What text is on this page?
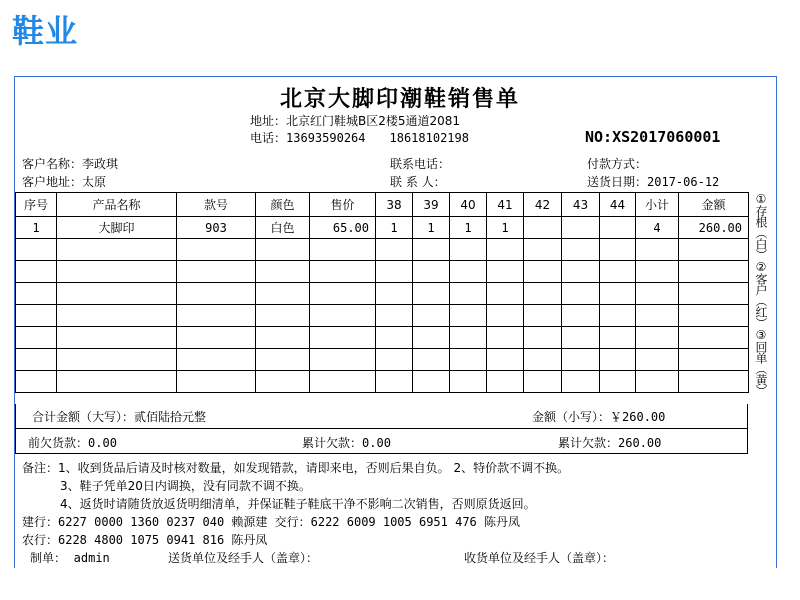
鞋业
北京大脚印潮鞋销售单
地址：北京红门鞋城B区2楼5通道2081
电话：13693590264 18618102198	NO:XS2017060001
客户名称：李政琪
客户地址：太原
联系电话：
联 系 人：
付款方式：
送货日期：2017-06-12
序号	产品名称	款号	颜色	售价	38	39	40	41	42	43	44	小计	金额
1	大脚印	903	白色	65.00	1	1	1	1				4	260.00

													①存根（白）
②客户（红）
③回单（黄）
合计金额（大写）：贰佰陆拾元整	金额（小写）：￥260.00
前欠货款：0.00	累计欠款：0.00	累计欠款：260.00
备注：1、收到货品后请及时核对数量，如发现错款，请即来电，否则后果自负。 2、特价款不调不换。
3、鞋子凭单20日内调换，没有同款不调不换。
4、返货时请随货放返货明细清单，并保证鞋子鞋底干净不影响二次销售，否则原货返回。
建行：6227 0000 1360 0237 040 赖源建 交行：6222 6009 1005 6951 476 陈丹凤
农行：6228 4800 1075 0941 816 陈丹凤
制单： admin	送货单位及经手人（盖章）：	收货单位及经手人（盖章）：
